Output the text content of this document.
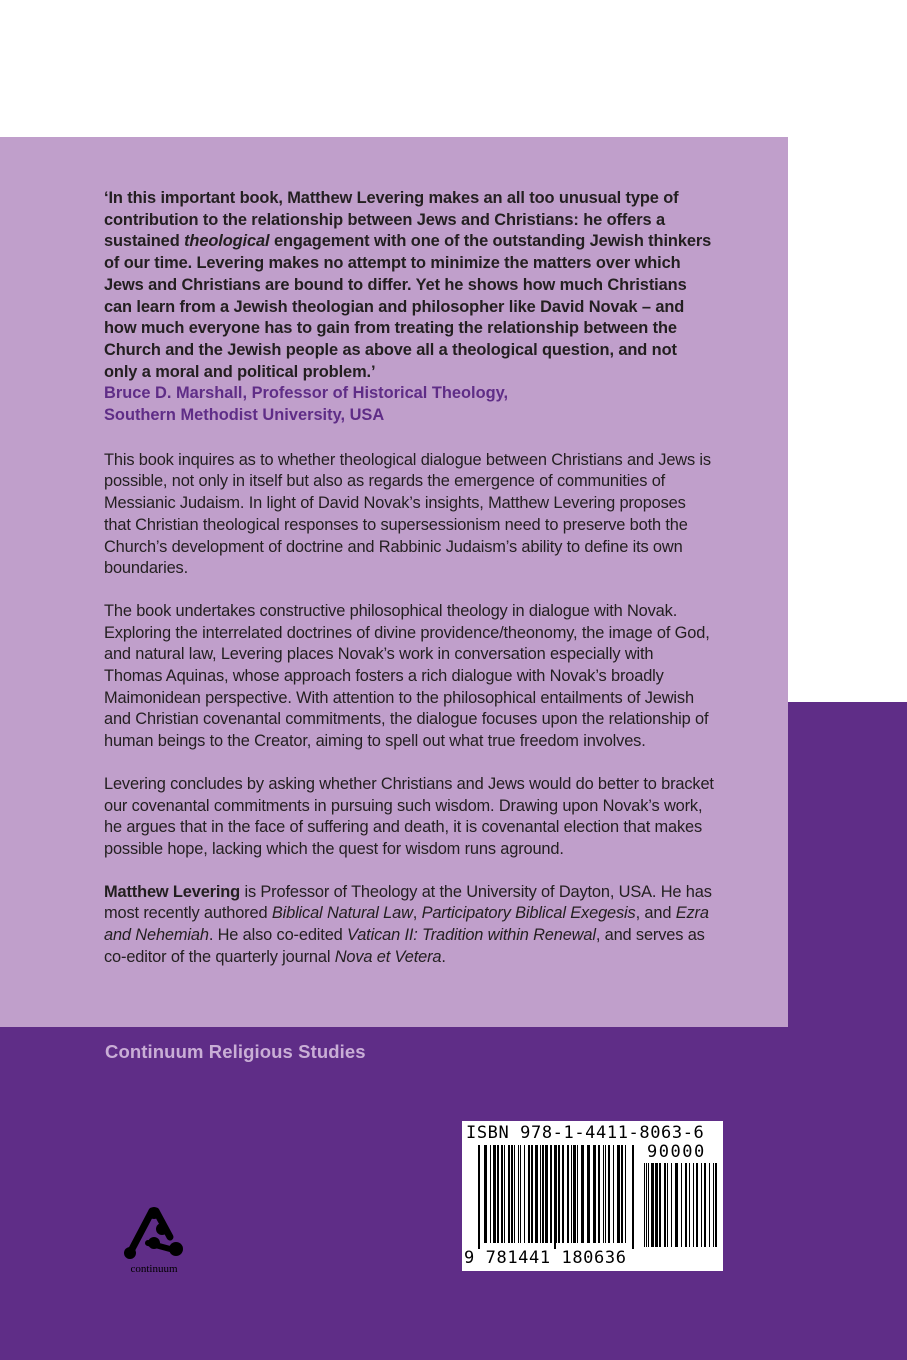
‘In this important book, Matthew Levering makes an all too unusual type of contribution to the relationship between Jews and Christians: he offers a sustained theological engagement with one of the outstanding Jewish thinkers of our time. Levering makes no attempt to minimize the matters over which Jews and Christians are bound to differ. Yet he shows how much Christians can learn from a Jewish theologian and philosopher like David Novak – and how much everyone has to gain from treating the relationship between the Church and the Jewish people as above all a theological question, and not only a moral and political problem.’

Bruce D. Marshall, Professor of Historical Theology,
Southern Methodist University, USA

This book inquires as to whether theological dialogue between Christians and Jews is possible, not only in itself but also as regards the emergence of communities of Messianic Judaism. In light of David Novak’s insights, Matthew Levering proposes that Christian theological responses to supersessionism need to preserve both the Church’s development of doctrine and Rabbinic Judaism’s ability to define its own boundaries.

The book undertakes constructive philosophical theology in dialogue with Novak. Exploring the interrelated doctrines of divine providence/theonomy, the image of God, and natural law, Levering places Novak’s work in conversation especially with Thomas Aquinas, whose approach fosters a rich dialogue with Novak’s broadly Maimonidean perspective. With attention to the philosophical entailments of Jewish and Christian covenantal commitments, the dialogue focuses upon the relationship of human beings to the Creator, aiming to spell out what true freedom involves.

Levering concludes by asking whether Christians and Jews would do better to bracket our covenantal commitments in pursuing such wisdom. Drawing upon Novak’s work, he argues that in the face of suffering and death, it is covenantal election that makes possible hope, lacking which the quest for wisdom runs aground.

Matthew Levering is Professor of Theology at the University of Dayton, USA. He has most recently authored Biblical Natural Law, Participatory Biblical Exegesis, and Ezra and Nehemiah. He also co-edited Vatican II: Tradition within Renewal, and serves as co-editor of the quarterly journal Nova et Vetera.

Continuum Religious Studies
continuum
ISBN 978-1-4411-8063-6
90000
9 781441 180636
